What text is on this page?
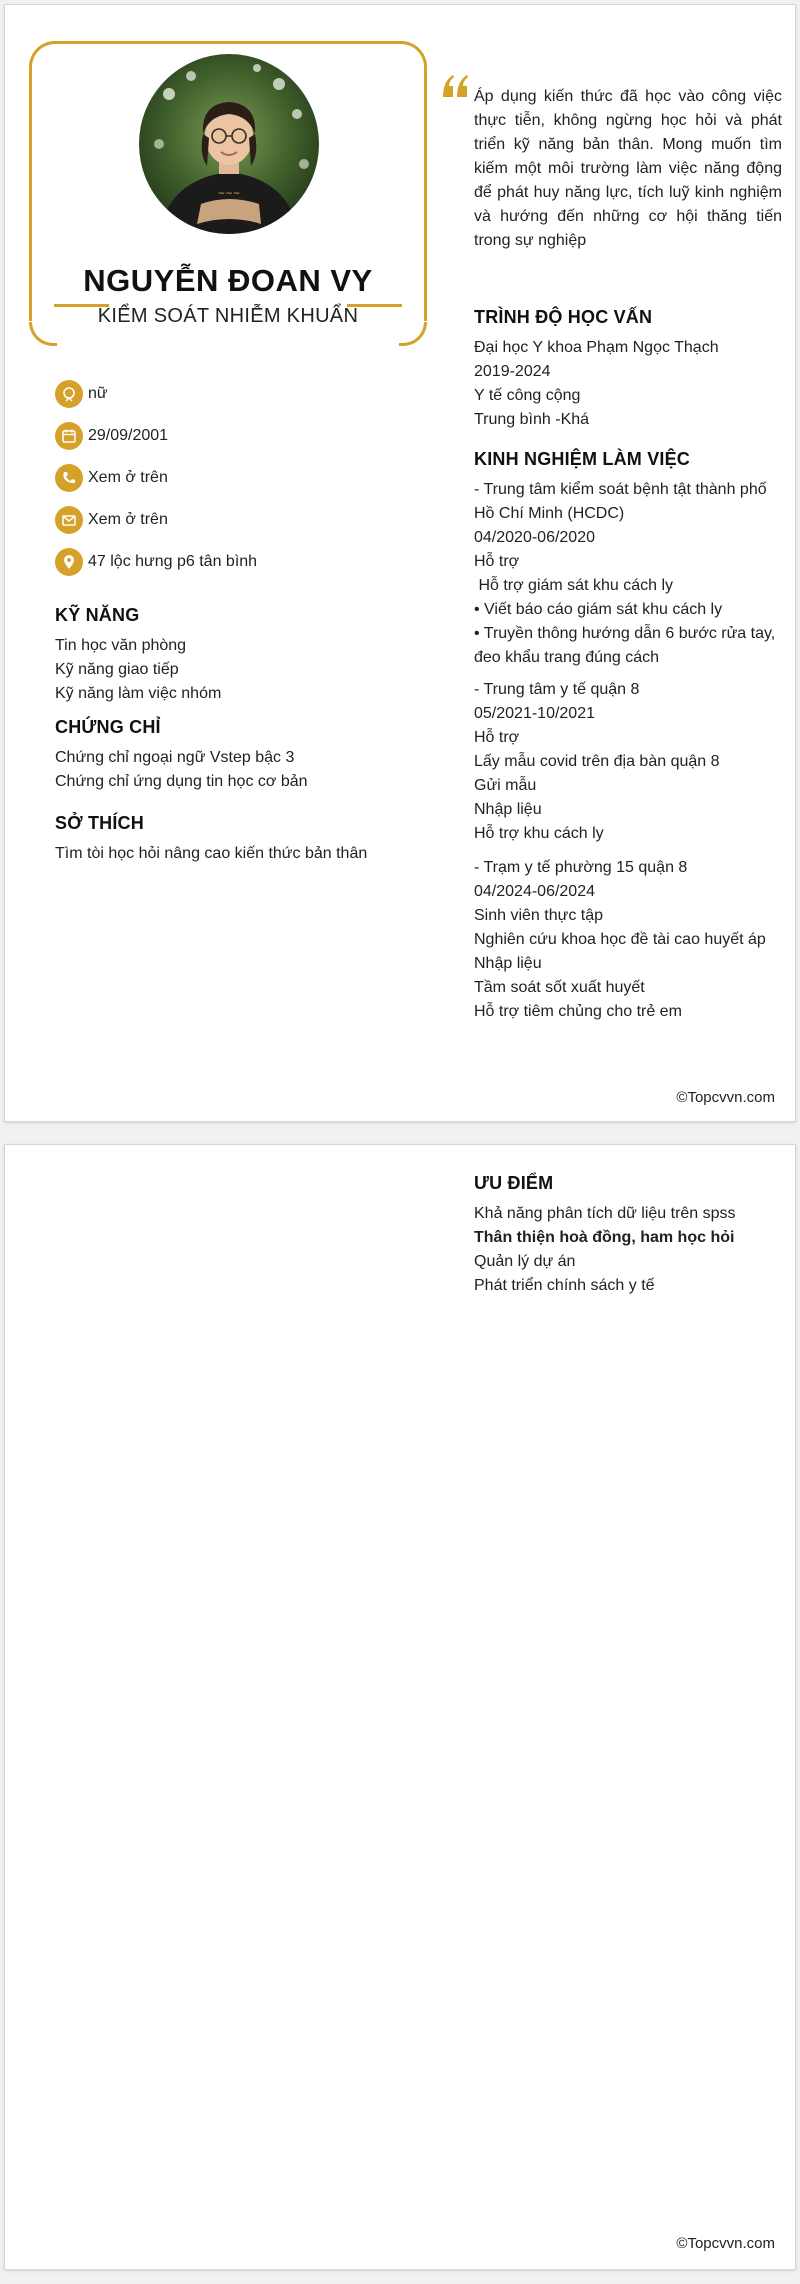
~~~
NGUYỄN ĐOAN VY
KIỂM SOÁT NHIỄM KHUẨN
nữ
29/09/2001
Xem ở trên
Xem ở trên
47 lộc hưng p6 tân bình
KỸ NĂNG
Tin học văn phòng
Kỹ năng giao tiếp
Kỹ năng làm việc nhóm
CHỨNG CHỈ
Chứng chỉ ngoại ngữ Vstep bậc 3
Chứng chỉ ứng dụng tin học cơ bản
SỞ THÍCH
Tìm tòi học hỏi nâng cao kiến thức bản thân
Áp dụng kiến thức đã học vào công việc thực tiễn, không ngừng học hỏi và phát triển kỹ năng bản thân. Mong muốn tìm kiếm một môi trường làm việc năng động để phát huy năng lực, tích luỹ kinh nghiệm và hướng đến những cơ hội thăng tiến trong sự nghiệp
TRÌNH ĐỘ HỌC VẤN
Đại học Y khoa Phạm Ngọc Thạch
2019-2024
Y tế công cộng
Trung bình -Khá
KINH NGHIỆM LÀM VIỆC
- Trung tâm kiểm soát bệnh tật thành phố
Hồ Chí Minh (HCDC)
04/2020-06/2020
Hỗ trợ
Hỗ trợ giám sát khu cách ly
• Viết báo cáo giám sát khu cách ly
• Truyền thông hướng dẫn 6 bước rửa tay,
đeo khẩu trang đúng cách
- Trung tâm y tế quận 8
05/2021-10/2021
Hỗ trợ
Lấy mẫu covid trên địa bàn quận 8
Gửi mẫu
Nhập liệu
Hỗ trợ khu cách ly
- Trạm y tế phường 15 quận 8
04/2024-06/2024
Sinh viên thực tập
Nghiên cứu khoa học đề tài cao huyết áp
Nhập liệu
Tầm soát sốt xuất huyết
Hỗ trợ tiêm chủng cho trẻ em
©Topcvvn.com
ƯU ĐIỂM
Khả năng phân tích dữ liệu trên spss
Thân thiện hoà đồng, ham học hỏi
Quản lý dự án
Phát triển chính sách y tế
©Topcvvn.com
